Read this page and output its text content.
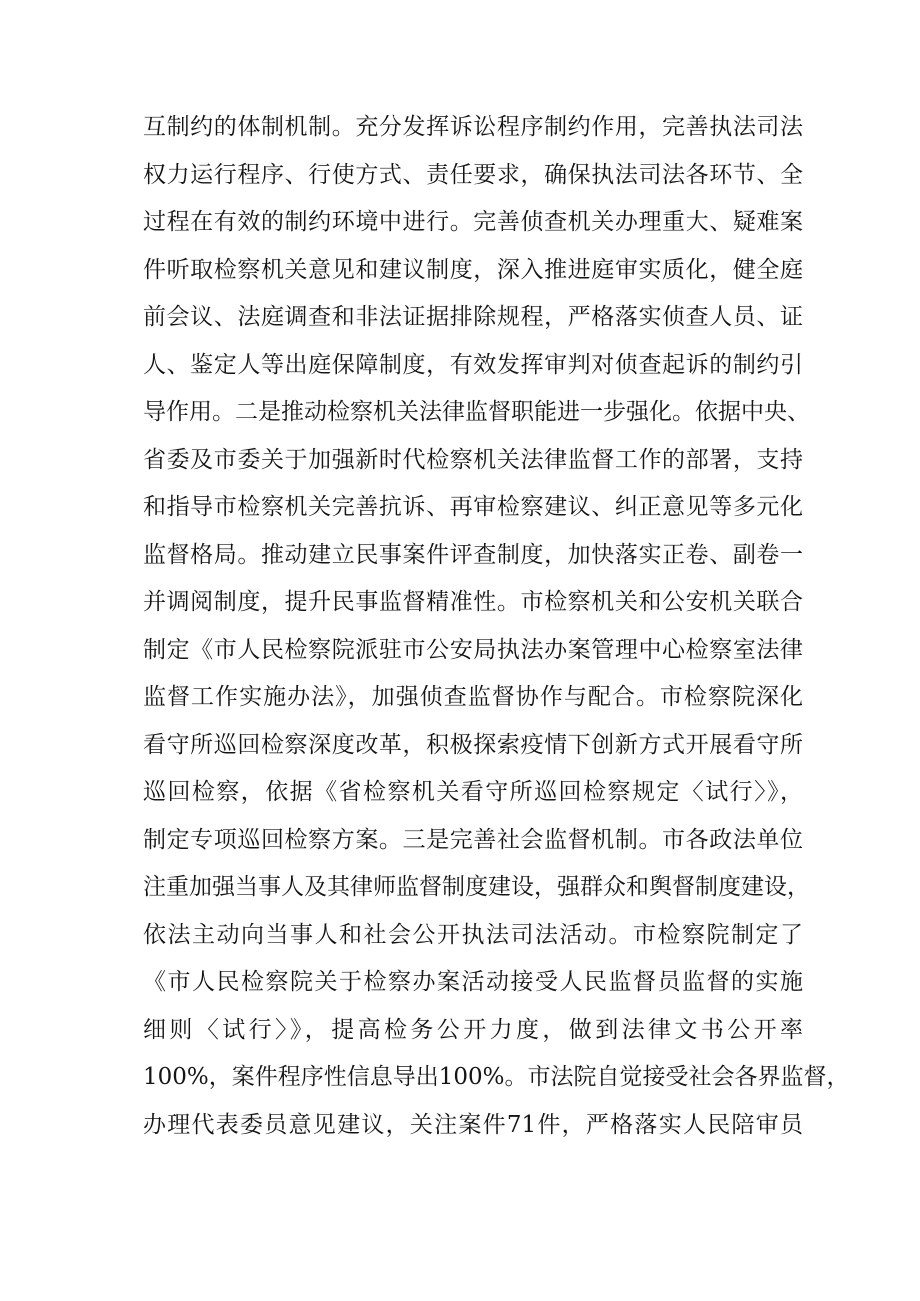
互制约的体制机制。充分发挥诉讼程序制约作用，完善执法司法
权力运行程序、行使方式、责任要求，确保执法司法各环节、全
过程在有效的制约环境中进行。完善侦查机关办理重大、疑难案
件听取检察机关意见和建议制度，深入推进庭审实质化，健全庭
前会议、法庭调查和非法证据排除规程，严格落实侦查人员、证
人、鉴定人等出庭保障制度，有效发挥审判对侦查起诉的制约引
导作用。二是推动检察机关法律监督职能进一步强化。依据中央、
省委及市委关于加强新时代检察机关法律监督工作的部署，支持
和指导市检察机关完善抗诉、再审检察建议、纠正意见等多元化
监督格局。推动建立民事案件评查制度，加快落实正卷、副卷一
并调阅制度，提升民事监督精准性。市检察机关和公安机关联合
制定《市人民检察院派驻市公安局执法办案管理中心检察室法律
监督工作实施办法》，加强侦查监督协作与配合。市检察院深化
看守所巡回检察深度改革，积极探索疫情下创新方式开展看守所
巡回检察，依据《省检察机关看守所巡回检察规定〈试行〉》，
制定专项巡回检察方案。三是完善社会监督机制。市各政法单位
注重加强当事人及其律师监督制度建设，强群众和舆督制度建设，
依法主动向当事人和社会公开执法司法活动。市检察院制定了
《市人民检察院关于检察办案活动接受人民监督员监督的实施
细则〈试行〉》，提高检务公开力度，做到法律文书公开率
100%，案件程序性信息导出100%。市法院自觉接受社会各界监督，
办理代表委员意见建议，关注案件71件，严格落实人民陪审员
